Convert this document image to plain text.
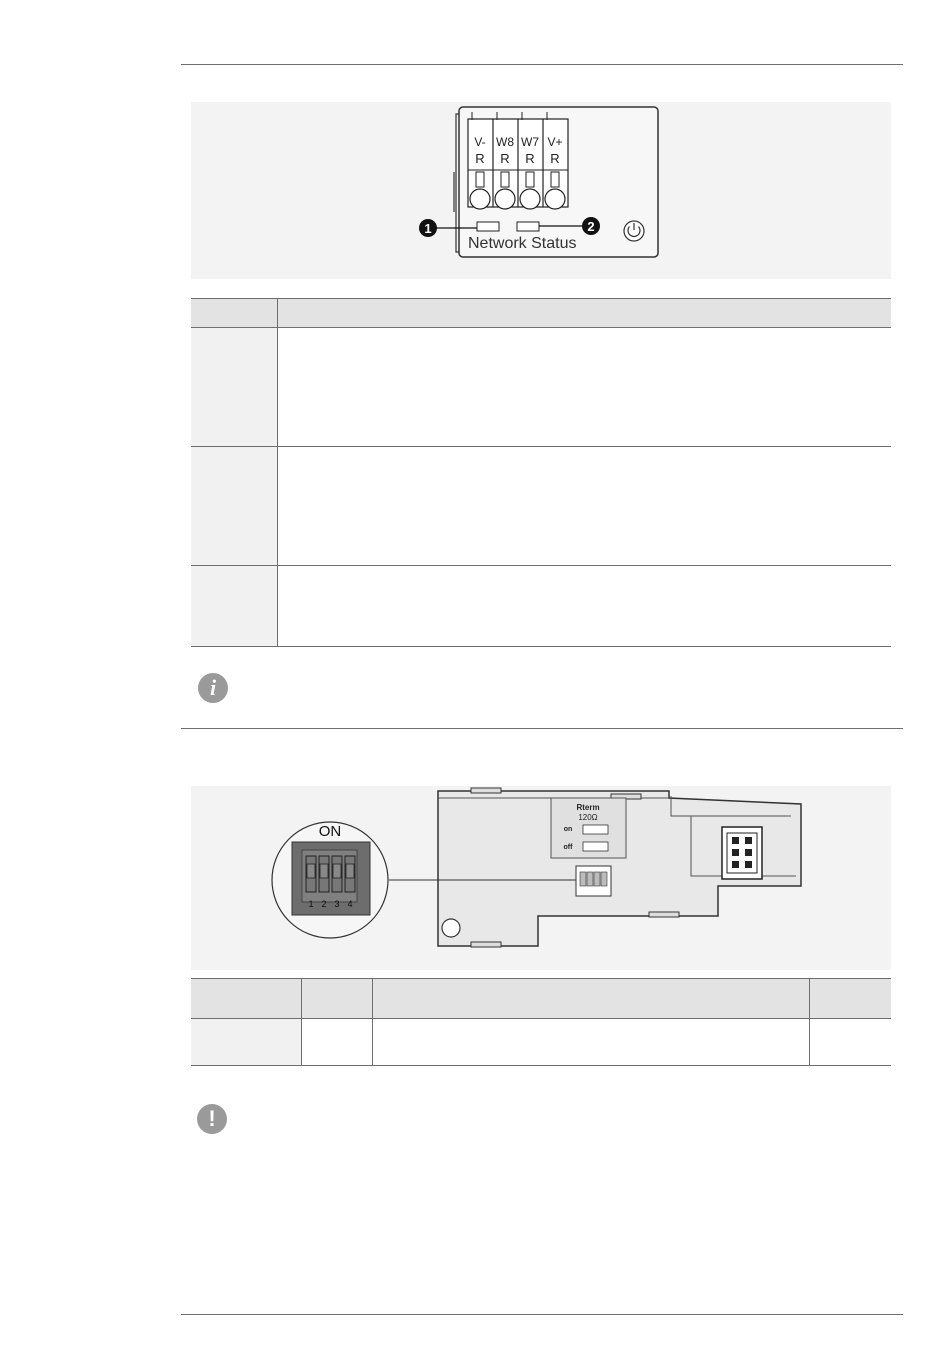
V- W8 W7 V+
R R R R
1	2
Network Status

i
Rterm
120Ω
on
off
ON
1 2 3 4

!
